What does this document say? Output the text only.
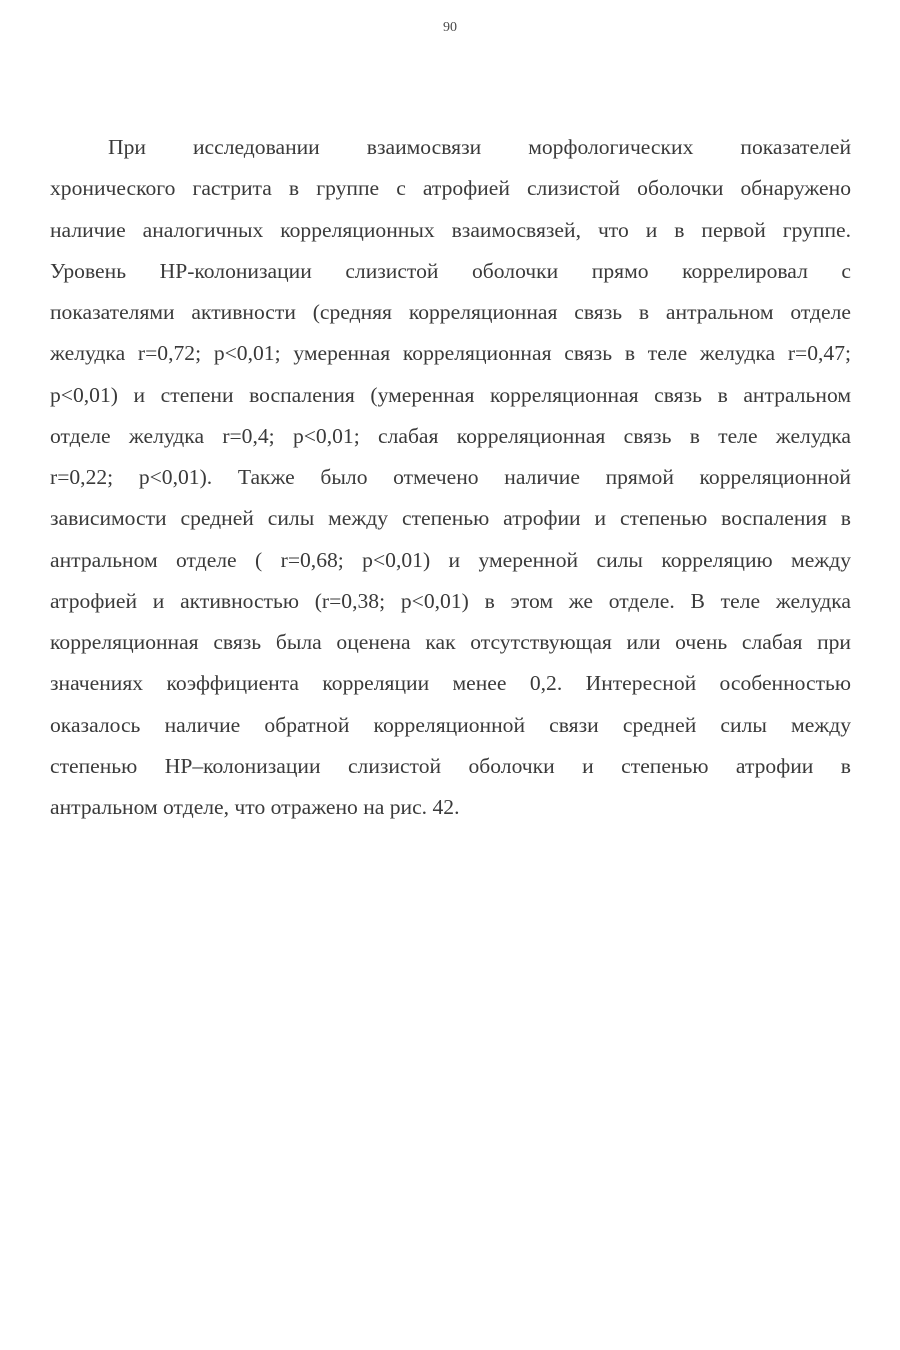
90
При исследовании взаимосвязи морфологических показателей
хронического гастрита в группе с атрофией слизистой оболочки обнаружено
наличие аналогичных корреляционных взаимосвязей, что и в первой группе.
Уровень НР-колонизации слизистой оболочки прямо коррелировал с
показателями активности (средняя корреляционная связь в антральном отделе
желудка r=0,72; p<0,01; умеренная корреляционная связь в теле желудка r=0,47;
p<0,01) и степени воспаления (умеренная корреляционная связь в антральном
отделе желудка r=0,4; p<0,01; слабая корреляционная связь в теле желудка
r=0,22; p<0,01). Также было отмечено наличие прямой корреляционной
зависимости средней силы между степенью атрофии и степенью воспаления в
антральном отделе ( r=0,68; p<0,01) и умеренной силы корреляцию между
атрофией и активностью (r=0,38; p<0,01) в этом же отделе. В теле желудка
корреляционная связь была оценена как отсутствующая или очень слабая при
значениях коэффициента корреляции менее 0,2. Интересной особенностью
оказалось наличие обратной корреляционной связи средней силы между
степенью НР–колонизации слизистой оболочки и степенью атрофии в
антральном отделе, что отражено на рис. 42.
